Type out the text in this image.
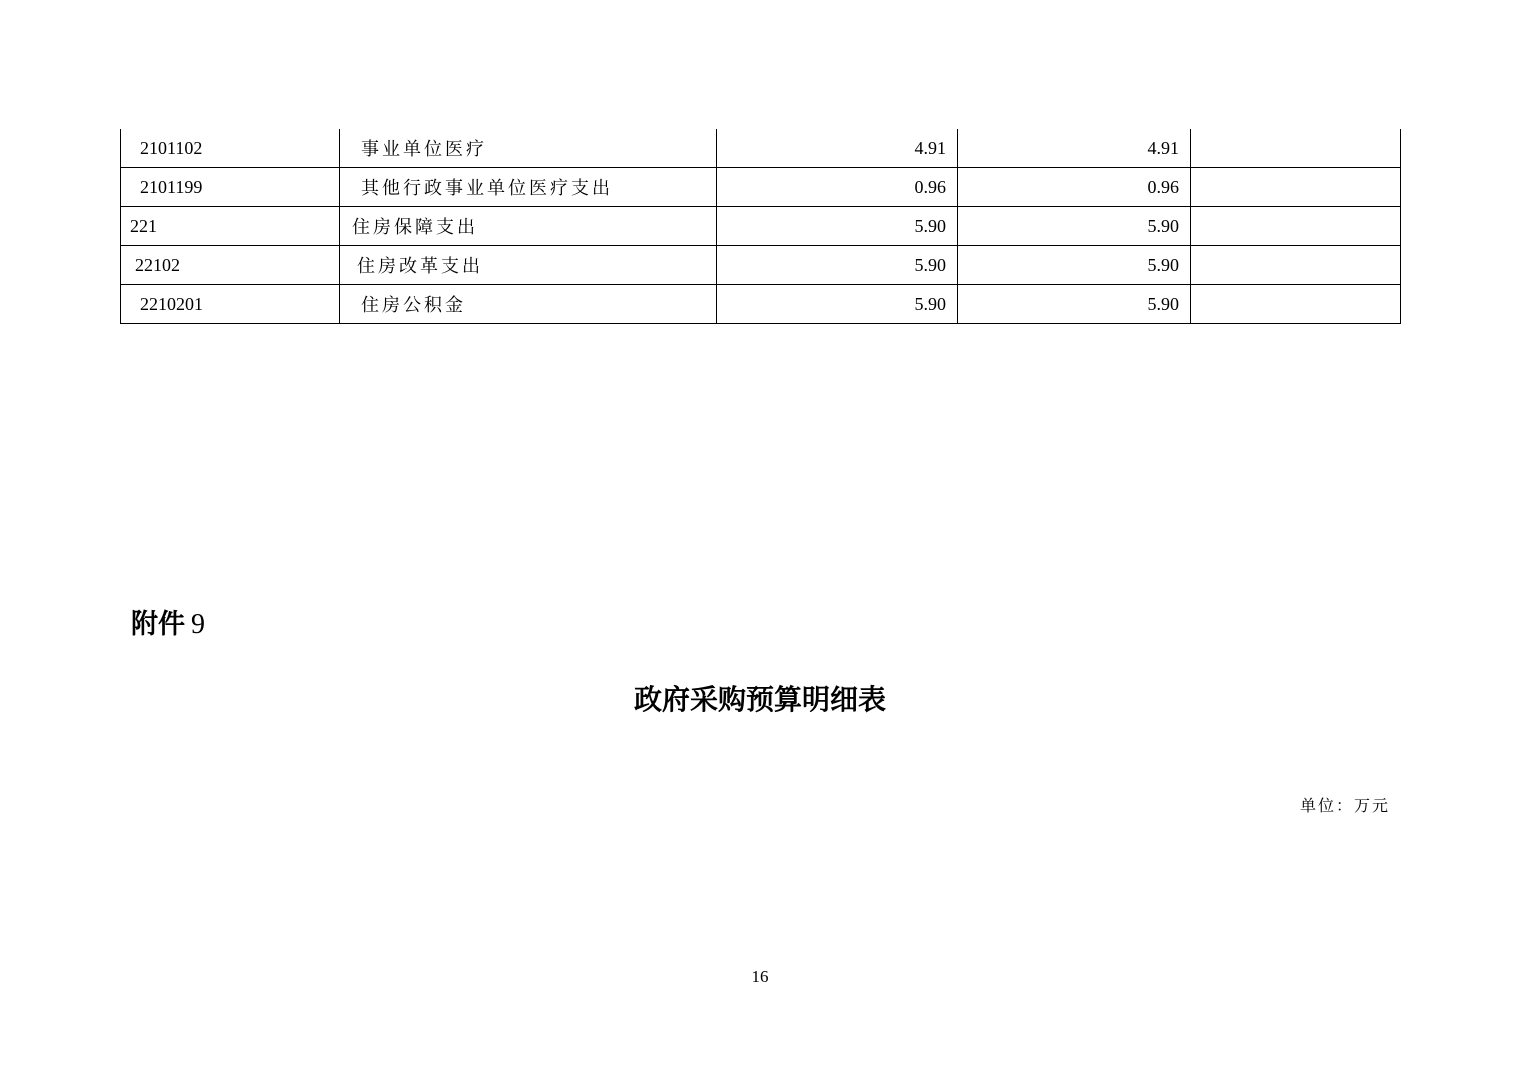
2101102	事业单位医疗	4.91	4.91	
2101199	其他行政事业单位医疗支出	0.96	0.96	
221	住房保障支出	5.90	5.90	
22102	住房改革支出	5.90	5.90	
2210201	住房公积金	5.90	5.90	
附件 9
政府采购预算明细表
单位：万元
16
